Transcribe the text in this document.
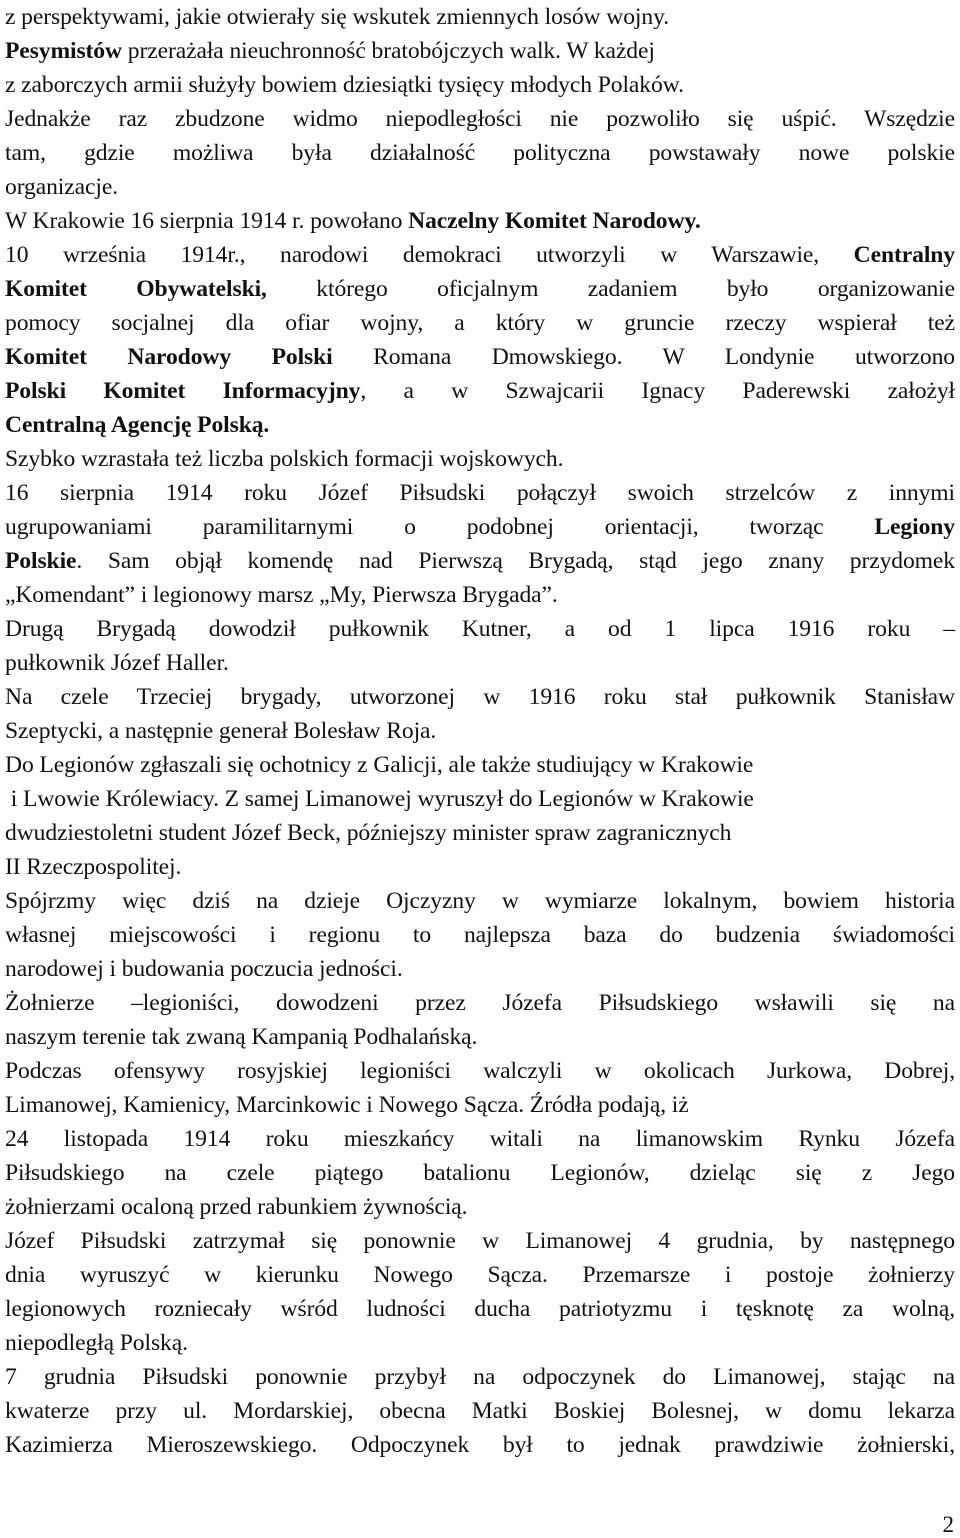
z perspektywami, jakie otwierały się wskutek zmiennych losów wojny.
Pesymistów przerażała nieuchronność bratobójczych walk. W każdej
z zaborczych armii służyły bowiem dziesiątki tysięcy młodych Polaków.
Jednakże raz zbudzone widmo niepodległości nie pozwoliło się uśpić. Wszędzie
tam, gdzie możliwa była działalność polityczna powstawały nowe polskie
organizacje.
W Krakowie 16 sierpnia 1914 r. powołano Naczelny Komitet Narodowy.
10 września 1914r., narodowi demokraci utworzyli w Warszawie, Centralny
Komitet Obywatelski, którego oficjalnym zadaniem było organizowanie
pomocy socjalnej dla ofiar wojny, a który w gruncie rzeczy wspierał też
Komitet Narodowy Polski Romana Dmowskiego. W Londynie utworzono
Polski Komitet Informacyjny, a w Szwajcarii Ignacy Paderewski założył
Centralną Agencję Polską.
Szybko wzrastała też liczba polskich formacji wojskowych.
16 sierpnia 1914 roku Józef Piłsudski połączył swoich strzelców z innymi
ugrupowaniami paramilitarnymi o podobnej orientacji, tworząc Legiony
Polskie. Sam objął komendę nad Pierwszą Brygadą, stąd jego znany przydomek
„Komendant” i legionowy marsz „My, Pierwsza Brygada”.
Drugą Brygadą dowodził pułkownik Kutner, a od 1 lipca 1916 roku –
pułkownik Józef Haller.
Na czele Trzeciej brygady, utworzonej w 1916 roku stał pułkownik Stanisław
Szeptycki, a następnie generał Bolesław Roja.
Do Legionów zgłaszali się ochotnicy z Galicji, ale także studiujący w Krakowie
i Lwowie Królewiacy. Z samej Limanowej wyruszył do Legionów w Krakowie
dwudziestoletni student Józef Beck, późniejszy minister spraw zagranicznych
II Rzeczpospolitej.
Spójrzmy więc dziś na dzieje Ojczyzny w wymiarze lokalnym, bowiem historia
własnej miejscowości i regionu to najlepsza baza do budzenia świadomości
narodowej i budowania poczucia jedności.
Żołnierze –legioniści, dowodzeni przez Józefa Piłsudskiego wsławili się na
naszym terenie tak zwaną Kampanią Podhalańską.
Podczas ofensywy rosyjskiej legioniści walczyli w okolicach Jurkowa, Dobrej,
Limanowej, Kamienicy, Marcinkowic i Nowego Sącza. Źródła podają, iż
24 listopada 1914 roku mieszkańcy witali na limanowskim Rynku Józefa
Piłsudskiego na czele piątego batalionu Legionów, dzieląc się z Jego
żołnierzami ocaloną przed rabunkiem żywnością.
Józef Piłsudski zatrzymał się ponownie w Limanowej 4 grudnia, by następnego
dnia wyruszyć w kierunku Nowego Sącza. Przemarsze i postoje żołnierzy
legionowych rozniecały wśród ludności ducha patriotyzmu i tęsknotę za wolną,
niepodległą Polską.
7 grudnia Piłsudski ponownie przybył na odpoczynek do Limanowej, stając na
kwaterze przy ul. Mordarskiej, obecna Matki Boskiej Bolesnej, w domu lekarza
Kazimierza Mieroszewskiego. Odpoczynek był to jednak prawdziwie żołnierski,
2
